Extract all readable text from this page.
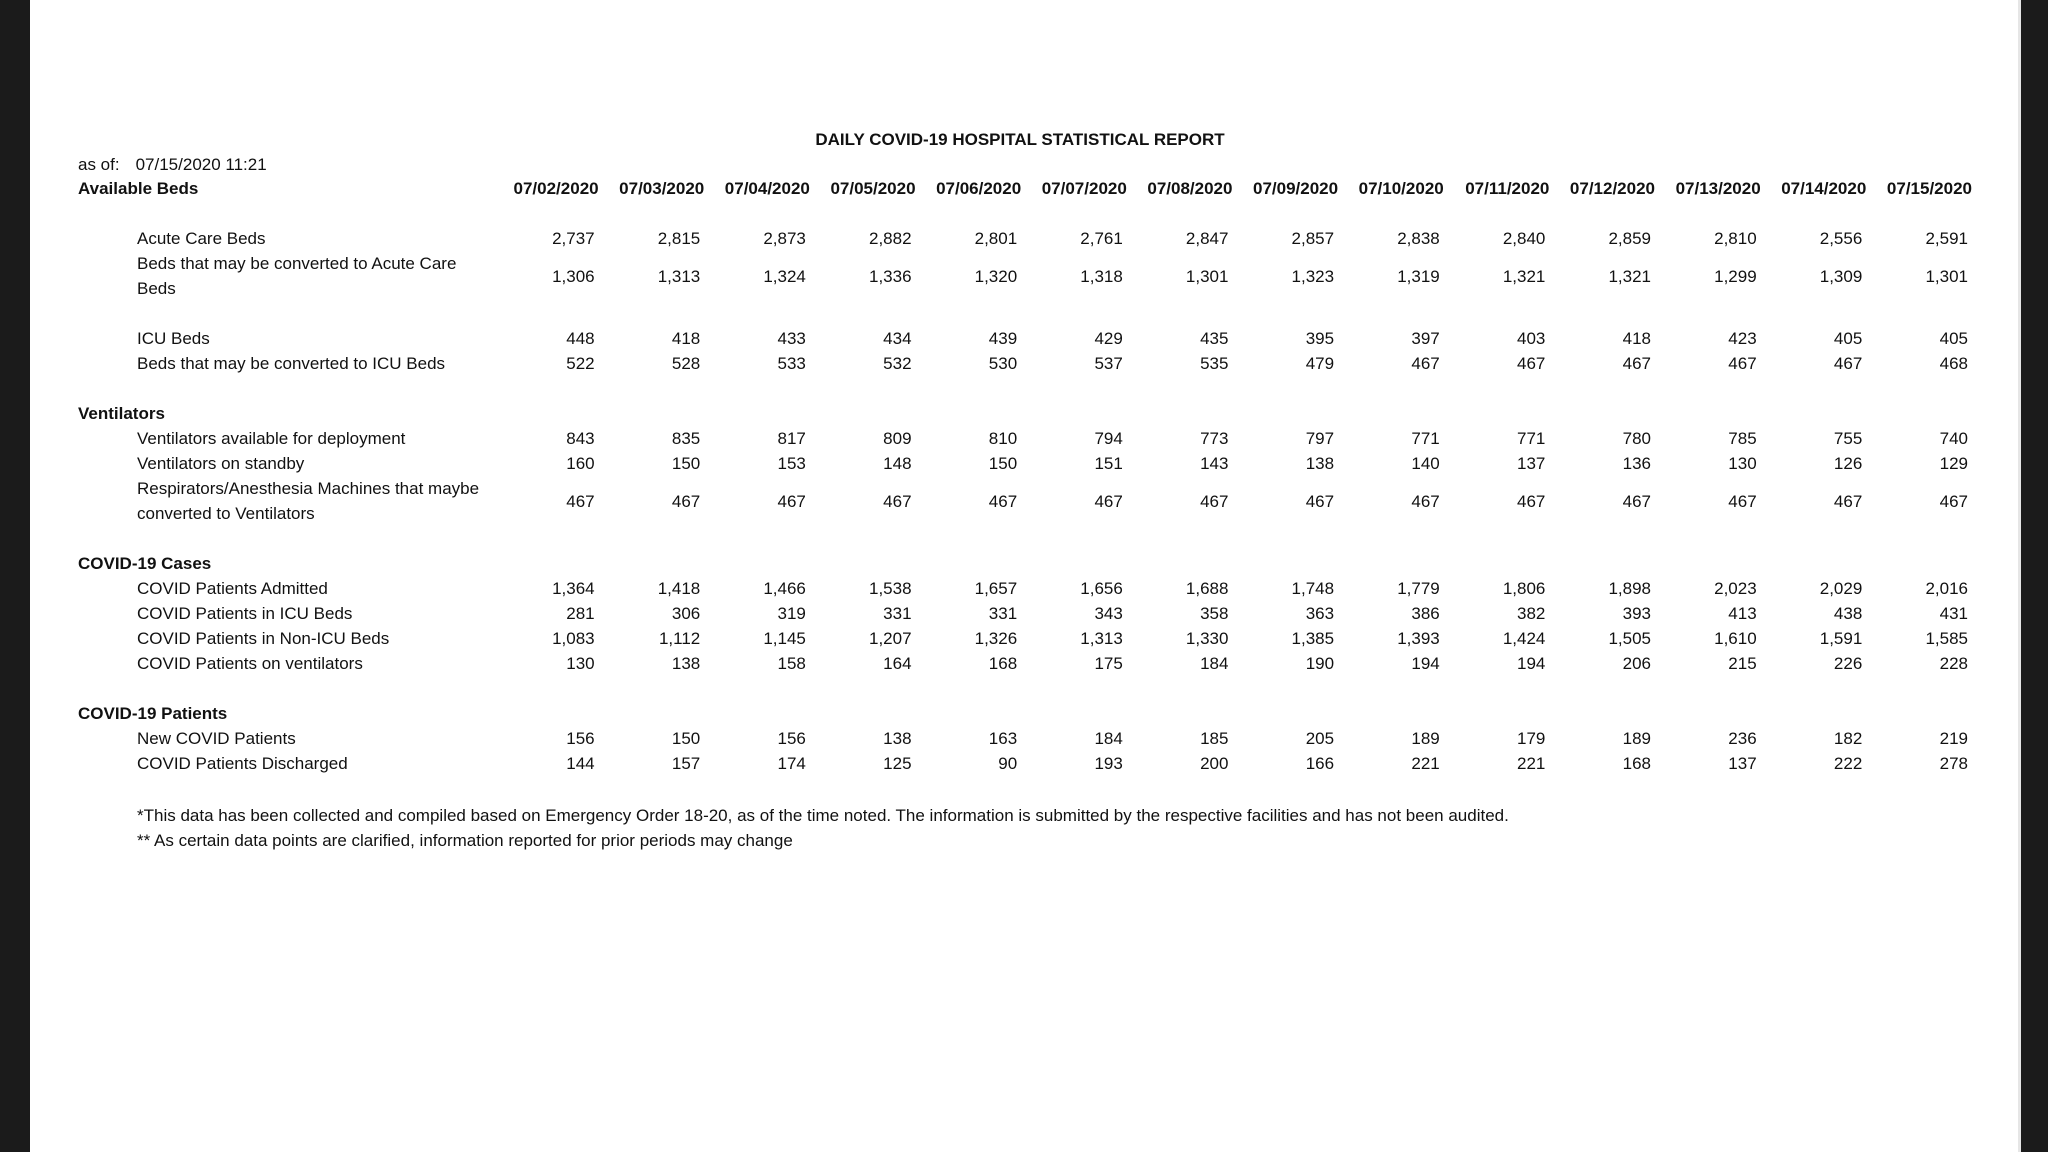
DAILY COVID-19 HOSPITAL STATISTICAL REPORT
as of: 07/15/2020 11:21
Available Beds	07/02/2020	07/03/2020	07/04/2020	07/05/2020	07/06/2020	07/07/2020	07/08/2020	07/09/2020	07/10/2020	07/11/2020	07/12/2020	07/13/2020	07/14/2020	07/15/2020

Acute Care Beds	2,737	2,815	2,873	2,882	2,801	2,761	2,847	2,857	2,838	2,840	2,859	2,810	2,556	2,591
Beds that may be converted to Acute Care Beds	1,306	1,313	1,324	1,336	1,320	1,318	1,301	1,323	1,319	1,321	1,321	1,299	1,309	1,301

ICU Beds	448	418	433	434	439	429	435	395	397	403	418	423	405	405
Beds that may be converted to ICU Beds	522	528	533	532	530	537	535	479	467	467	467	467	467	468

Ventilators														
Ventilators available for deployment	843	835	817	809	810	794	773	797	771	771	780	785	755	740
Ventilators on standby	160	150	153	148	150	151	143	138	140	137	136	130	126	129
Respirators/Anesthesia Machines that maybe converted to Ventilators	467	467	467	467	467	467	467	467	467	467	467	467	467	467

COVID-19 Cases														
COVID Patients Admitted	1,364	1,418	1,466	1,538	1,657	1,656	1,688	1,748	1,779	1,806	1,898	2,023	2,029	2,016
COVID Patients in ICU Beds	281	306	319	331	331	343	358	363	386	382	393	413	438	431
COVID Patients in Non-ICU Beds	1,083	1,112	1,145	1,207	1,326	1,313	1,330	1,385	1,393	1,424	1,505	1,610	1,591	1,585
COVID Patients on ventilators	130	138	158	164	168	175	184	190	194	194	206	215	226	228

COVID-19 Patients														
New COVID Patients	156	150	156	138	163	184	185	205	189	179	189	236	182	219
COVID Patients Discharged	144	157	174	125	90	193	200	166	221	221	168	137	222	278
*This data has been collected and compiled based on Emergency Order 18-20, as of the time noted. The information is submitted by the respective facilities and has not been audited.
** As certain data points are clarified, information reported for prior periods may change
